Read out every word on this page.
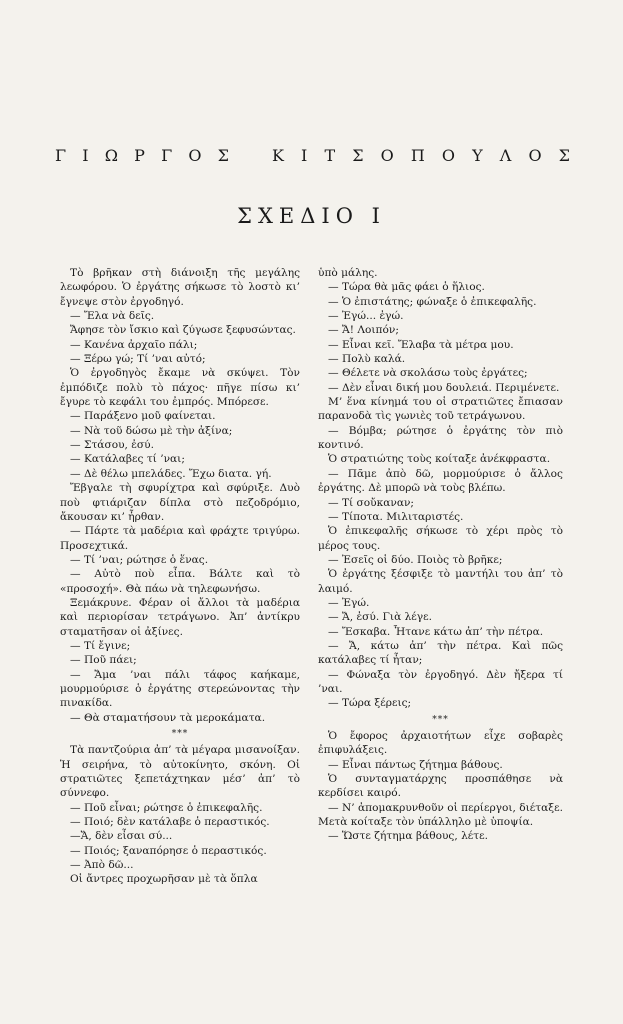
Γ Ι Ω Ρ Γ Ο Σ	Κ Ι Τ Σ Ο Π Ο Υ Λ Ο Σ
ΣΧΕΔΙΟ Ι

Τὸ βρῆκαν στὴ διάνοιξη τῆς μεγάλης λεωφόρου. Ὁ ἐργάτης σήκωσε τὸ λοστὸ κι’ ἔγνεψε στὸν ἐργοδηγό.

— Ἔλα νὰ δεῖς.

Ἄφησε τὸν ἴσκιο καὶ ζύγωσε ξεφυσώντας.

— Κανένα ἀρχαῖο πάλι;

— Ξέρω γώ; Τί ’ναι αὐτό;

Ὁ ἐργοδηγὸς ἔκαμε νὰ σκύψει. Τὸν ἐμπόδιζε πολὺ τὸ πάχος· πῆγε πίσω κι’ ἔγυρε τὸ κεφάλι του ἐμπρός. Μπόρεσε.

— Παράξενο μοῦ φαίνεται.

— Νὰ τοῦ δώσω μὲ τὴν ἀξίνα;

— Στάσου, ἐσύ.

— Κατάλαβες τί ’ναι;

— Δὲ θέλω μπελάδες. Ἔχω διατα. γή.

Ἔβγαλε τὴ σφυρίχτρα καὶ σφύριξε. Δυὸ ποὺ φτιάριζαν δίπλα στὸ πεζοδρόμιο, ἄκουσαν κι’ ἦρθαν.

— Πάρτε τὰ μαδέρια καὶ φράχτε τριγύρω. Προσεχτικά.

— Τί ’ναι; ρώτησε ὁ ἕνας.

— Αὐτὸ ποὺ εἶπα. Βάλτε καὶ τὸ «προσοχή». Θὰ πάω νὰ τηλεφωνήσω.

Ξεμάκρυνε. Φέραν οἱ ἄλλοι τὰ μαδέρια καὶ περιορίσαν τετράγωνο. Ἀπ’ ἀντίκρυ σταματῆσαν οἱ ἀξίνες.

— Τί ἔγινε;

— Ποῦ πάει;

— Ἄμα ’ναι πάλι τάφος καήκαμε, μουρμούρισε ὁ ἐργάτης στερεώνοντας τὴν πινακίδα.

— Θὰ σταματήσουν τὰ μεροκάματα.

***

Τὰ παντζούρια ἀπ’ τὰ μέγαρα μισανοίξαν. Ἡ σειρήνα, τὸ αὐτοκίνητο, σκόνη. Οἱ στρατιῶτες ξεπετάχτηκαν μέσ’ ἀπ’ τὸ σύννεφο.

— Ποῦ εἶναι; ρώτησε ὁ ἐπικεφαλῆς.

— Ποιό; δὲν κατάλαβε ὁ περαστικός.

—Ἄ, δὲν εἶσαι σύ...

— Ποιός; ξαναπόρησε ὁ περαστικός.

— Ἀπὸ δῶ...

Οἱ ἄντρες προχωρῆσαν μὲ τὰ ὅπλα

ὑπὸ μάλης.

— Τώρα θὰ μᾶς φάει ὁ ἥλιος.

— Ὁ ἐπιστάτης; φώναξε ὁ ἐπικεφαλῆς.

— Ἐγώ... ἐγώ.

— Ἄ! Λοιπόν;

— Εἶναι κεῖ. Ἔλαβα τὰ μέτρα μου.

— Πολὺ καλά.

— Θέλετε νὰ σκολάσω τοὺς ἐργάτες;

— Δὲν εἶναι δική μου δουλειά. Περιμένετε.

Μ’ ἕνα κίνημά του οἱ στρατιῶτες ἔπιασαν παρανοδὰ τὶς γωνιὲς τοῦ τετράγωνου.

— Βόμβα; ρώτησε ὁ ἐργάτης τὸν πιὸ κοντινό.

Ὁ στρατιώτης τοὺς κοίταξε ἀνέκφραστα.

— Πᾶμε ἀπὸ δῶ, μορμούρισε ὁ ἄλλος ἐργάτης. Δὲ μπορῶ νὰ τοὺς βλέπω.

— Τί σοὔκαναν;

— Τίποτα. Μιλιταριστές.

Ὁ ἐπικεφαλῆς σήκωσε τὸ χέρι πρὸς τὸ μέρος τους.

— Ἐσεῖς οἱ δύο. Ποιὸς τὸ βρῆκε;

Ὁ ἐργάτης ξέσφιξε τὸ μαντήλι του ἀπ’ τὸ λαιμό.

— Ἐγώ.

— Ἄ, ἐσύ. Γιὰ λέγε.

— Ἔσκαβα. Ἦτανε κάτω ἀπ’ τὴν πέτρα.

— Ἄ, κάτω ἀπ’ τὴν πέτρα. Καὶ πῶς κατάλαβες τί ἦταν;

— Φώναξα τὸν ἐργοδηγό. Δὲν ἤξερα τί ’ναι.

— Τώρα ξέρεις;

***

Ὁ ἔφορος ἀρχαιοτήτων εἶχε σοβαρὲς ἐπιφυλάξεις.

— Εἶναι πάντως ζήτημα βάθους.

Ὁ συνταγματάρχης προσπάθησε νὰ κερδίσει καιρό.

— Ν’ ἀπομακρυνθοῦν οἱ περίεργοι, διέταξε. Μετὰ κοίταξε τὸν ὑπάλληλο μὲ ὑποψία.

— Ὥστε ζήτημα βάθους, λέτε.
